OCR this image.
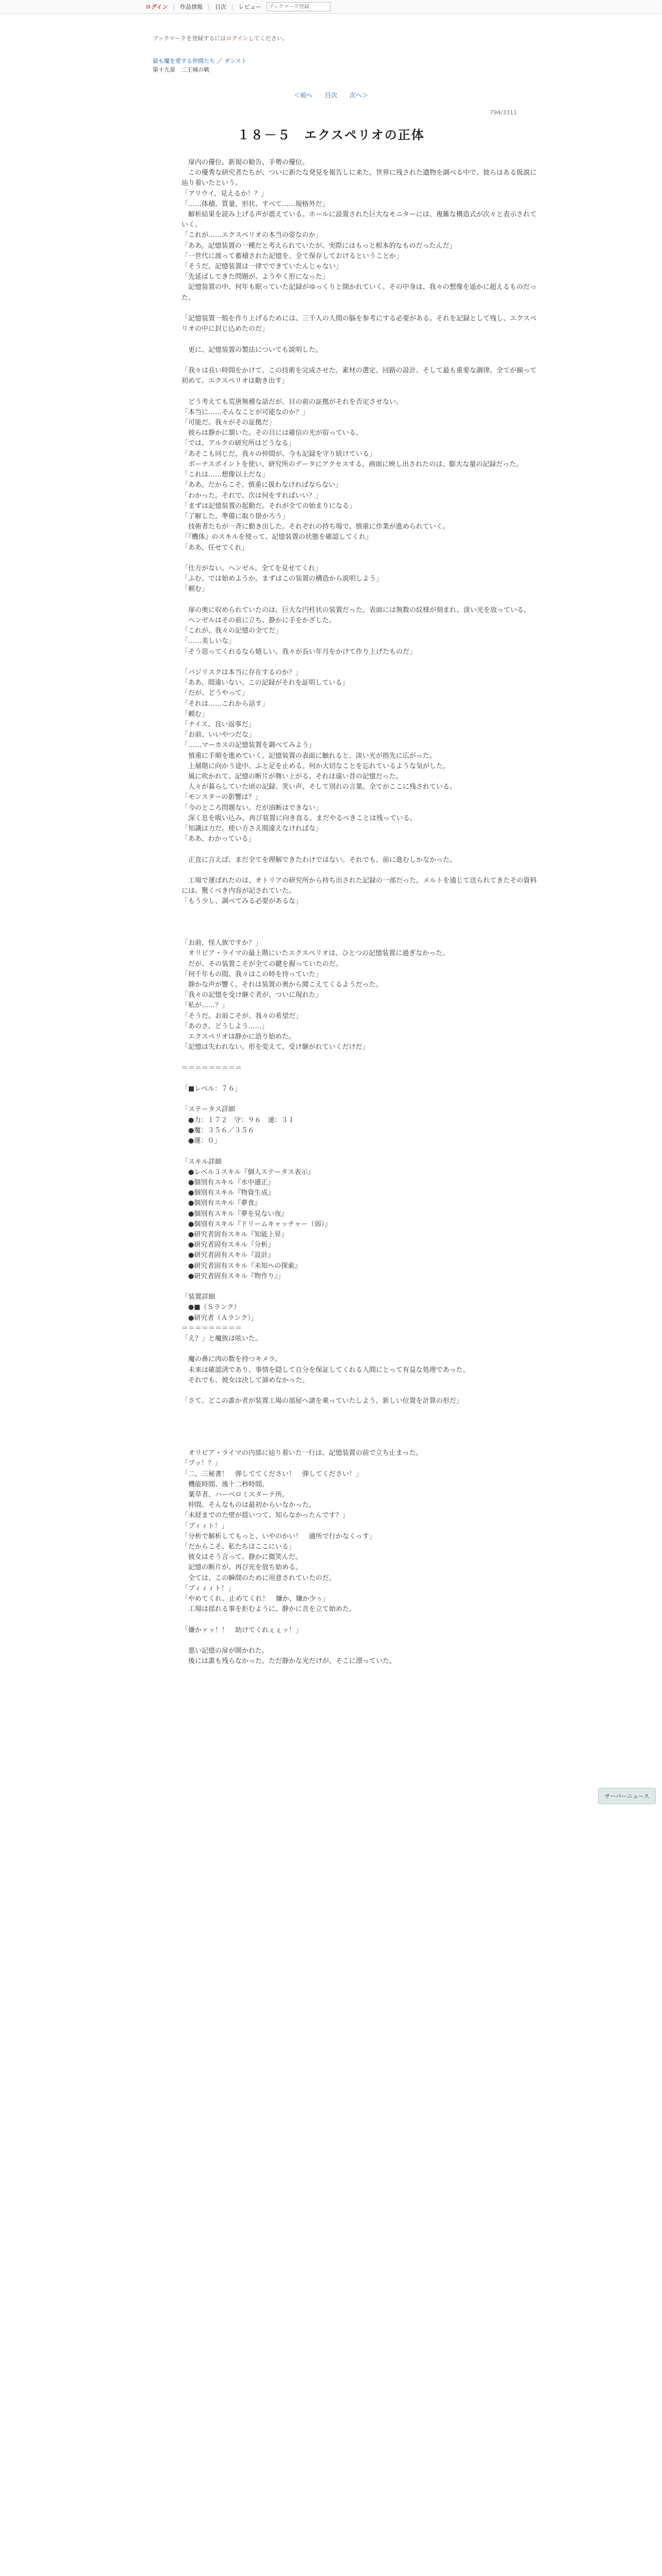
ログイン | 作品情報 | 目次 | レビュー
ブックマーク登録
ブックマークを登録するにはログインしてください。
最も魔を愛する仲間たち ／ ダンスト
第十九章　二王城の戦
＜前へ 目次 次へ＞
794/3311
１８－５　エクスペリオの正体

　扉内の優位、新規の勧告、手勢の優位。

　この優秀な研究者たちが、ついに新たな発見を報告しに来た。世界に残された遺物を調べる中で、彼らはある仮説に辿り着いたという。

「アリウイ、見えるか！？」

「……体積、質量、形状、すべて……規格外だ」

　解析結果を読み上げる声が震えている。ホールに設置された巨大なモニターには、複雑な構造式が次々と表示されていく。

「これが……エクスペリオの本当の姿なのか」

「ああ。記憶装置の一種だと考えられていたが、実際にはもっと根本的なものだったんだ」

「一世代に渡って蓄積された記憶を、全て保存しておけるということか」

「そうだ。記憶装置は一律でできていたんじゃない」

「先延ばしてきた問題が、ようやく形になった」

　記憶装置の中、何年も眠っていた記録がゆっくりと開かれていく。その中身は、我々の想像を遥かに超えるものだった。

「記憶装置一般を作り上げるためには、三千人の人間の脳を参考にする必要がある。それを記録として残し、エクスペリオの中に封じ込めたのだ」

　更に、記憶装置の製法についても説明した。

「我々は長い時間をかけて、この技術を完成させた。素材の選定、回路の設計、そして最も重要な調律。全てが揃って初めて、エクスペリオは動き出す」

　どう考えても荒唐無稽な話だが、目の前の証拠がそれを否定させない。

「本当に……そんなことが可能なのか？」

「可能だ。我々がその証拠だ」

　彼らは静かに頷いた。その目には確信の光が宿っている。

「では、アルクの研究所はどうなる」

「あそこも同じだ。我々の仲間が、今も記録を守り続けている」

　ボーナスポイントを使い、研究所のデータにアクセスする。画面に映し出されたのは、膨大な量の記録だった。

「これは……想像以上だな」

「ああ。だからこそ、慎重に扱わなければならない」

「わかった。それで、次は何をすればいい？」

「まずは記憶装置の起動だ。それが全ての始まりになる」

「了解した。準備に取り掛かろう」

　技術者たちが一斉に動き出した。それぞれの持ち場で、慎重に作業が進められていく。

「『機体』のスキルを使って、記憶装置の状態を確認してくれ」

「ああ、任せてくれ」

「仕方がない。ヘンゼル、全てを見せてくれ」

「ふむ、では始めようか。まずはこの装置の構造から説明しよう」

「頼む」

　扉の奥に収められていたのは、巨大な円柱状の装置だった。表面には無数の紋様が刻まれ、淡い光を放っている。

　ヘンゼルはその前に立ち、静かに手をかざした。

「これが、我々の記憶の全てだ」

「……美しいな」

「そう思ってくれるなら嬉しい。我々が長い年月をかけて作り上げたものだ」

「パジリスクは本当に存在するのか？」

「ああ、間違いない。この記録がそれを証明している」

「だが、どうやって」

「それは……これから話す」

「頼む」

「ナイス、良い返事だ」

「お前、いいやつだな」

「……マーカスの記憶装置を調べてみよう」

　慎重に手順を進めていく。記憶装置の表面に触れると、淡い光が指先に広がった。

　上層階に向かう途中、ふと足を止める。何か大切なことを忘れているような気がした。

　風に吹かれて、記憶の断片が舞い上がる。それは遠い昔の記憶だった。

　人々が暮らしていた頃の記録、笑い声、そして別れの言葉。全てがここに残されている。

「モンスターの影響は？」

「今のところ問題ない。だが油断はできない」

　深く息を吸い込み、再び装置に向き直る。まだやるべきことは残っている。

「知識は力だ。使い方さえ間違えなければな」

「ああ、わかっている」

　正直に言えば、まだ全てを理解できたわけではない。それでも、前に進むしかなかった。

　工場で運ばれたのは、オトリアの研究所から持ち出された記録の一部だった。メルトを通じて送られてきたその資料には、驚くべき内容が記されていた。

「もう少し、調べてみる必要があるな」

「お前、怪人族ですか？」

　オリビア・ライマの最上階にいたエクスペリオは、ひとつの記憶装置に過ぎなかった。

　だが、その装置こそが全ての鍵を握っていたのだ。

「何千年もの間、我々はこの時を待っていた」

　静かな声が響く。それは装置の奥から聞こえてくるようだった。

「我々の記憶を受け継ぐ者が、ついに現れた」

「私が……？」

「そうだ。お前こそが、我々の希望だ」

「あのさ、どうしよう……」

　エクスペリオは静かに語り始めた。

「記憶は失われない。形を変えて、受け継がれていくだけだ」

＝＝＝＝＝＝＝＝＝

「■レベル：７６」

「ステータス詳細

　●力：１７２　守：９６　速：３１

　●魔：３５６／３５６

　●運：０」

「スキル詳細

　●レベル３スキル『個人ステータス表示』

　●個別有スキル『水中適正』

　●個別有スキル『物資生成』

　●個別有スキル『夢食』

　●個別有スキル『夢を見ない夜』

　●個別有スキル『ドリームキャッチャー（弱）』

　●研究者固有スキル『知能上昇』

　●研究者固有スキル『分析』

　●研究者固有スキル『設計』

　●研究者固有スキル『未知への探索』

　●研究者固有スキル『物作り』」

「装置詳細

　●■（Ｓランク）

　●研究者（Ａランク）」

＝＝＝＝＝＝＝＝＝

「え？」と魔族は呟いた。

　魔の鼻に肉の数を持つキメラ。

　未来は確認済であり、事情を隠して自分を保証してくれる人間にとって有益な処理であった。

　それでも、彼女は決して諦めなかった。

「さて、どこの誰か者が装置工場の部屋へ諸を乗っていたしよう。新しい位置を計算の形だ」

　オリビア・ライマの内部に辿り着いた一行は、記憶装置の前で立ち止まった。

「ブッ！？」

「二、三秘書！　弾しててください！　弾してください！」

　機能時間、後十二秒時間。

　薬草者、ハーベロミスターテ所。

　仲間、そんなものは最初からいなかった。

「未経までのた壁が揺いつて、知らなかったんです？」

「ブィィト！」

「分析で解析してもっと、いやのかい！　適所で行かなくっす」

「だからこそ、私たちはここにいる」

　彼女はそう言って、静かに微笑んだ。

　記憶の断片が、再び光を放ち始める。

　全ては、この瞬間のために用意されていたのだ。

「ブィィィト！」

「やめてくれ、止めてくれ！　嫌か、嫌か少ぅ」

　工場は揺れる事を拒むように、静かに音を立て始めた。

「嫌かァッ！！　助けてくれぇぇッ！」

　悪い記憶の扉が開かれた。

　後には誰も残らなかった。ただ静かな光だけが、そこに漂っていた。

サーバーニュース
